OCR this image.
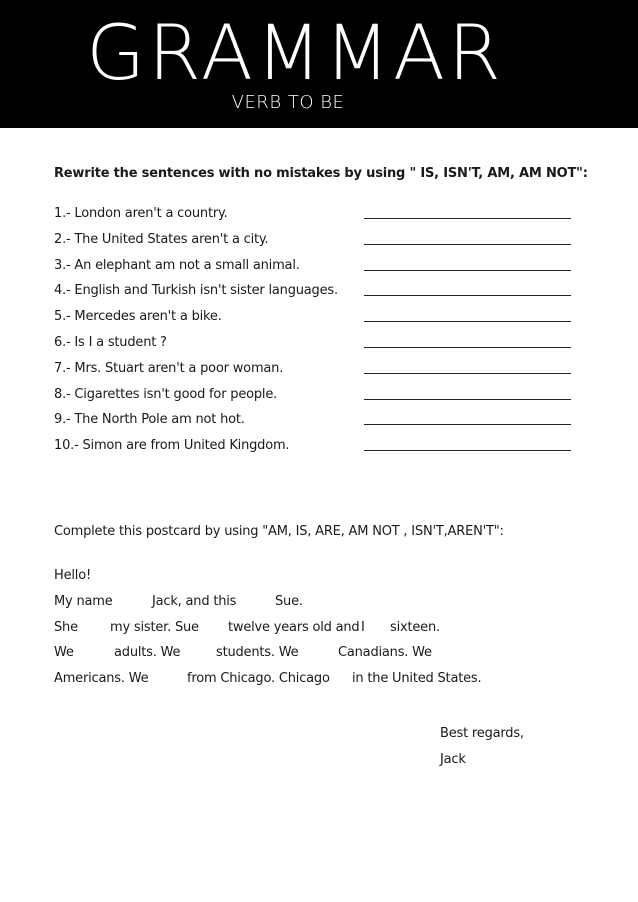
GRAMMAR
VERB TO BE
Rewrite the sentences with no mistakes by using " IS, ISN'T, AM, AM NOT":
1.- London aren't a country.
2.- The United States aren't a city.
3.- An elephant am not a small animal.
4.- English and Turkish isn't sister languages.
5.- Mercedes aren't a bike.
6.- Is I a student ?
7.- Mrs. Stuart aren't a poor woman.
8.- Cigarettes isn't good for people.
9.- The North Pole am not hot.
10.- Simon are from United Kingdom.
Complete this postcard by using "AM, IS, ARE, AM NOT , ISN'T,AREN'T":
Hello!
My name	Jack, and this	Sue.
She my sister. Sue twelve years old and I sixteen.
We	adults. We	students. We	Canadians. We
Americans. We	from Chicago. Chicago in the United States.
Best regards,
Jack
